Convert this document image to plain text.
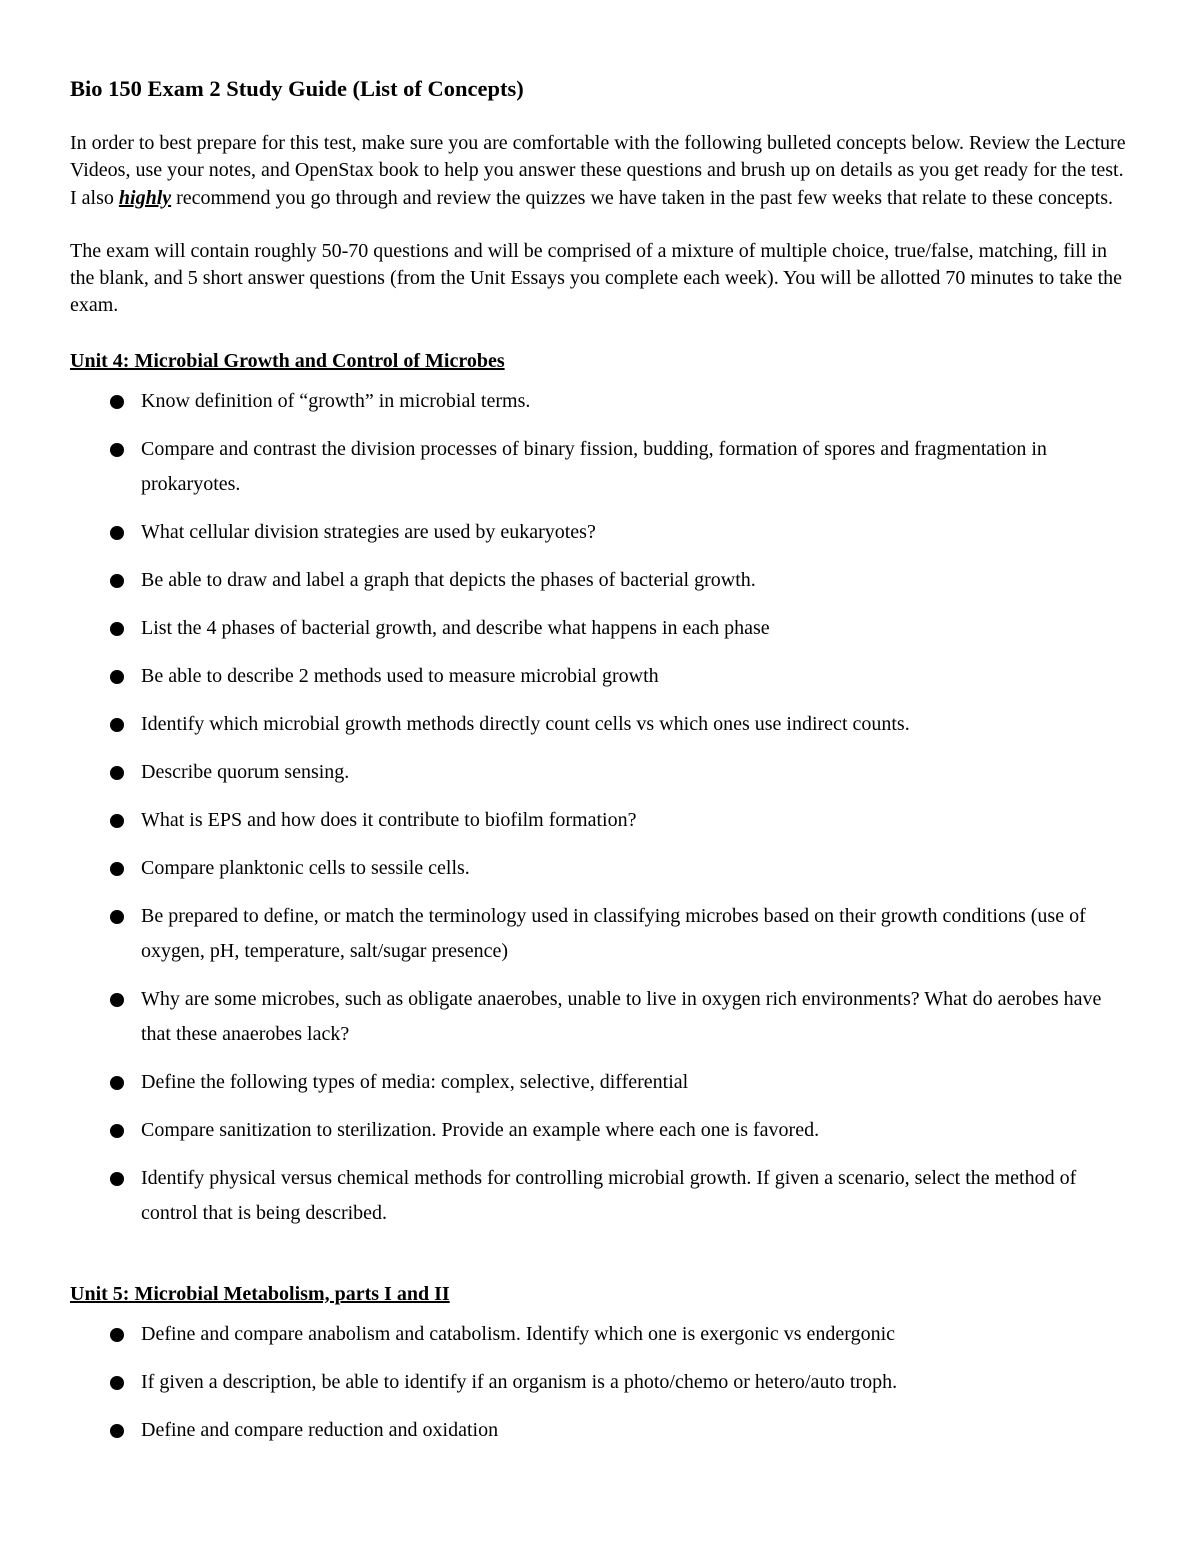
Bio 150 Exam 2 Study Guide (List of Concepts)

In order to best prepare for this test, make sure you are comfortable with the following bulleted concepts below. Review the Lecture Videos, use your notes, and OpenStax book to help you answer these questions and brush up on details as you get ready for the test. I also highly recommend you go through and review the quizzes we have taken in the past few weeks that relate to these concepts.

The exam will contain roughly 50-70 questions and will be comprised of a mixture of multiple choice, true/false, matching, fill in the blank, and 5 short answer questions (from the Unit Essays you complete each week). You will be allotted 70 minutes to take the exam.

Unit 4: Microbial Growth and Control of Microbes
Know definition of “growth” in microbial terms.
Compare and contrast the division processes of binary fission, budding, formation of spores and fragmentation in prokaryotes.
What cellular division strategies are used by eukaryotes?
Be able to draw and label a graph that depicts the phases of bacterial growth.
List the 4 phases of bacterial growth, and describe what happens in each phase
Be able to describe 2 methods used to measure microbial growth
Identify which microbial growth methods directly count cells vs which ones use indirect counts.
Describe quorum sensing.
What is EPS and how does it contribute to biofilm formation?
Compare planktonic cells to sessile cells.
Be prepared to define, or match the terminology used in classifying microbes based on their growth conditions (use of oxygen, pH, temperature, salt/sugar presence)
Why are some microbes, such as obligate anaerobes, unable to live in oxygen rich environments? What do aerobes have that these anaerobes lack?
Define the following types of media: complex, selective, differential
Compare sanitization to sterilization. Provide an example where each one is favored.
Identify physical versus chemical methods for controlling microbial growth. If given a scenario, select the method of control that is being described.
Unit 5: Microbial Metabolism, parts I and II
Define and compare anabolism and catabolism. Identify which one is exergonic vs endergonic
If given a description, be able to identify if an organism is a photo/chemo or hetero/auto troph.
Define and compare reduction and oxidation
